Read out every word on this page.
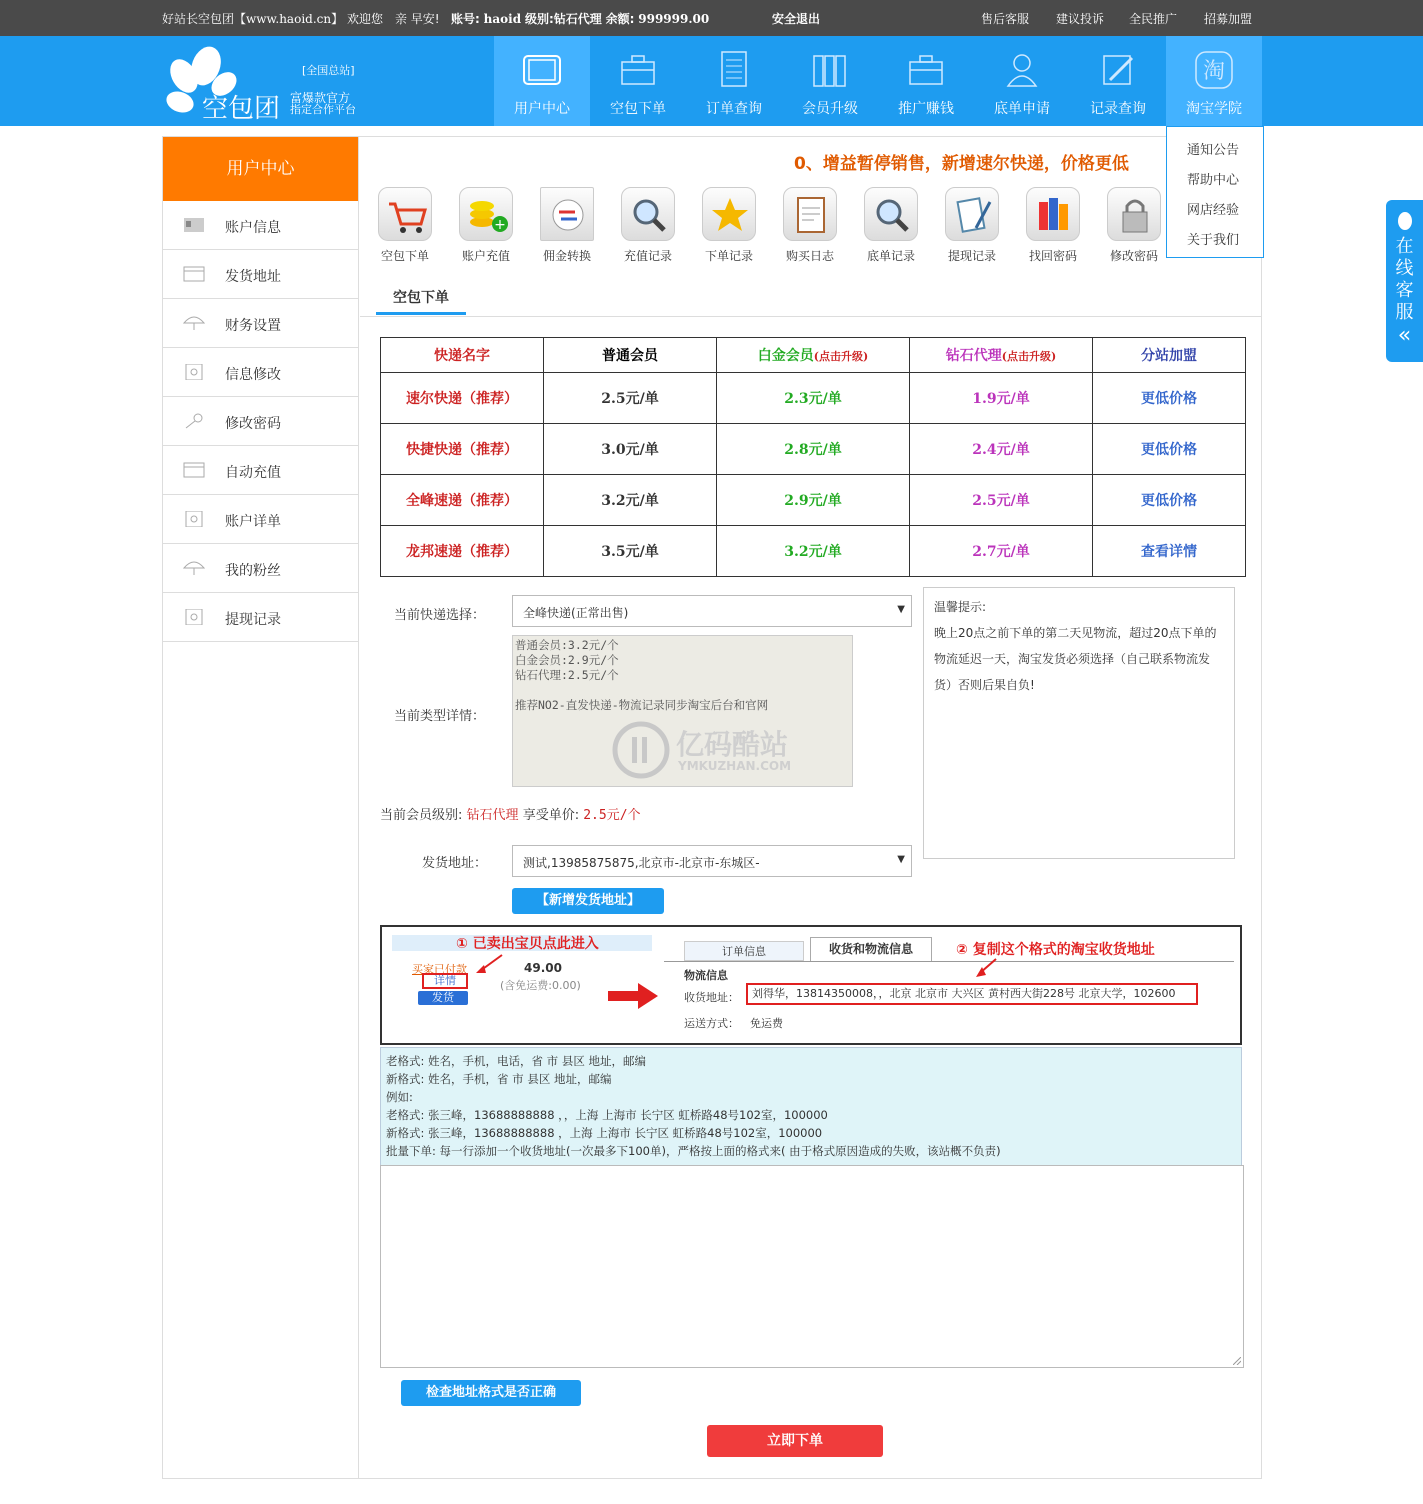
好站长空包团【www.haoid.cn】 欢迎您　亲 早安! 账号: haoid 级别:钻石代理 余额: 999999.00	安全退出	售后客服 建议投诉 全民推广 招募加盟
[全国总站]
空包团 富爆款官方
指定合作平台	用户中心	空包下单	订单查询	会员升级	推广赚钱	底单申请	记录查询
淘
淘宝学院
通知公告
帮助中心
网店经验
关于我们
用户中心
账户信息
发货地址
财务设置
信息修改
修改密码
自动充值
账户详单
我的粉丝
提现记录
0、增益暂停销售，新增速尔快递，价格更低
空包下单
+
账户充值	佣金转换	充值记录	下单记录	购买日志	底单记录	提现记录	找回密码	修改密码
空包下单
快递名字	普通会员	白金会员(点击升级)	钻石代理(点击升级)	分站加盟
速尔快递（推荐）	2.5元/单	2.3元/单	1.9元/单	更低价格
快捷快递（推荐）	3.0元/单	2.8元/单	2.4元/单	更低价格
全峰速递（推荐）	3.2元/单	2.9元/单	2.5元/单	更低价格
龙邦速递（推荐）	3.5元/单	3.2元/单	2.7元/单	查看详情
当前快递选择：	全峰快递(正常出售)	▼
当前类型详情：
普通会员:3.2元/个
白金会员:2.9元/个
钻石代理:2.5元/个

推荐NO2-直发快递-物流记录同步淘宝后台和官网
亿码酷站
YMKUZHAN.COM
当前会员级别: 钻石代理 享受单价: 2.5元/个
发货地址：	测试,13985875875,北京市-北京市-东城区-	▼
【新增发货地址】
温馨提示:
晚上20点之前下单的第二天见物流，超过20点下单的物流延迟一天，淘宝发货必须选择（自己联系物流发货）否则后果自负!
① 已卖出宝贝点此进入
买家已付款
详情
发货
49.00
(含免运费:0.00)
订单信息	收货和物流信息	② 复制这个格式的淘宝收货地址
物流信息
收货地址：	刘得华，13814350008，，北京 北京市 大兴区 黄村西大街228号 北京大学，102600
运送方式： 免运费
老格式: 姓名，手机，电话，省 市 县区 地址，邮编
新格式: 姓名，手机，省 市 县区 地址，邮编
例如:
老格式: 张三峰，13688888888 ，，上海 上海市 长宁区 虹桥路48号102室，100000
新格式: 张三峰，13688888888 ，上海 上海市 长宁区 虹桥路48号102室，100000
批量下单: 每一行添加一个收货地址(一次最多下100单)，严格按上面的格式来( 由于格式原因造成的失败，该站概不负责)
检查地址格式是否正确
立即下单
在
线
客
服
«
